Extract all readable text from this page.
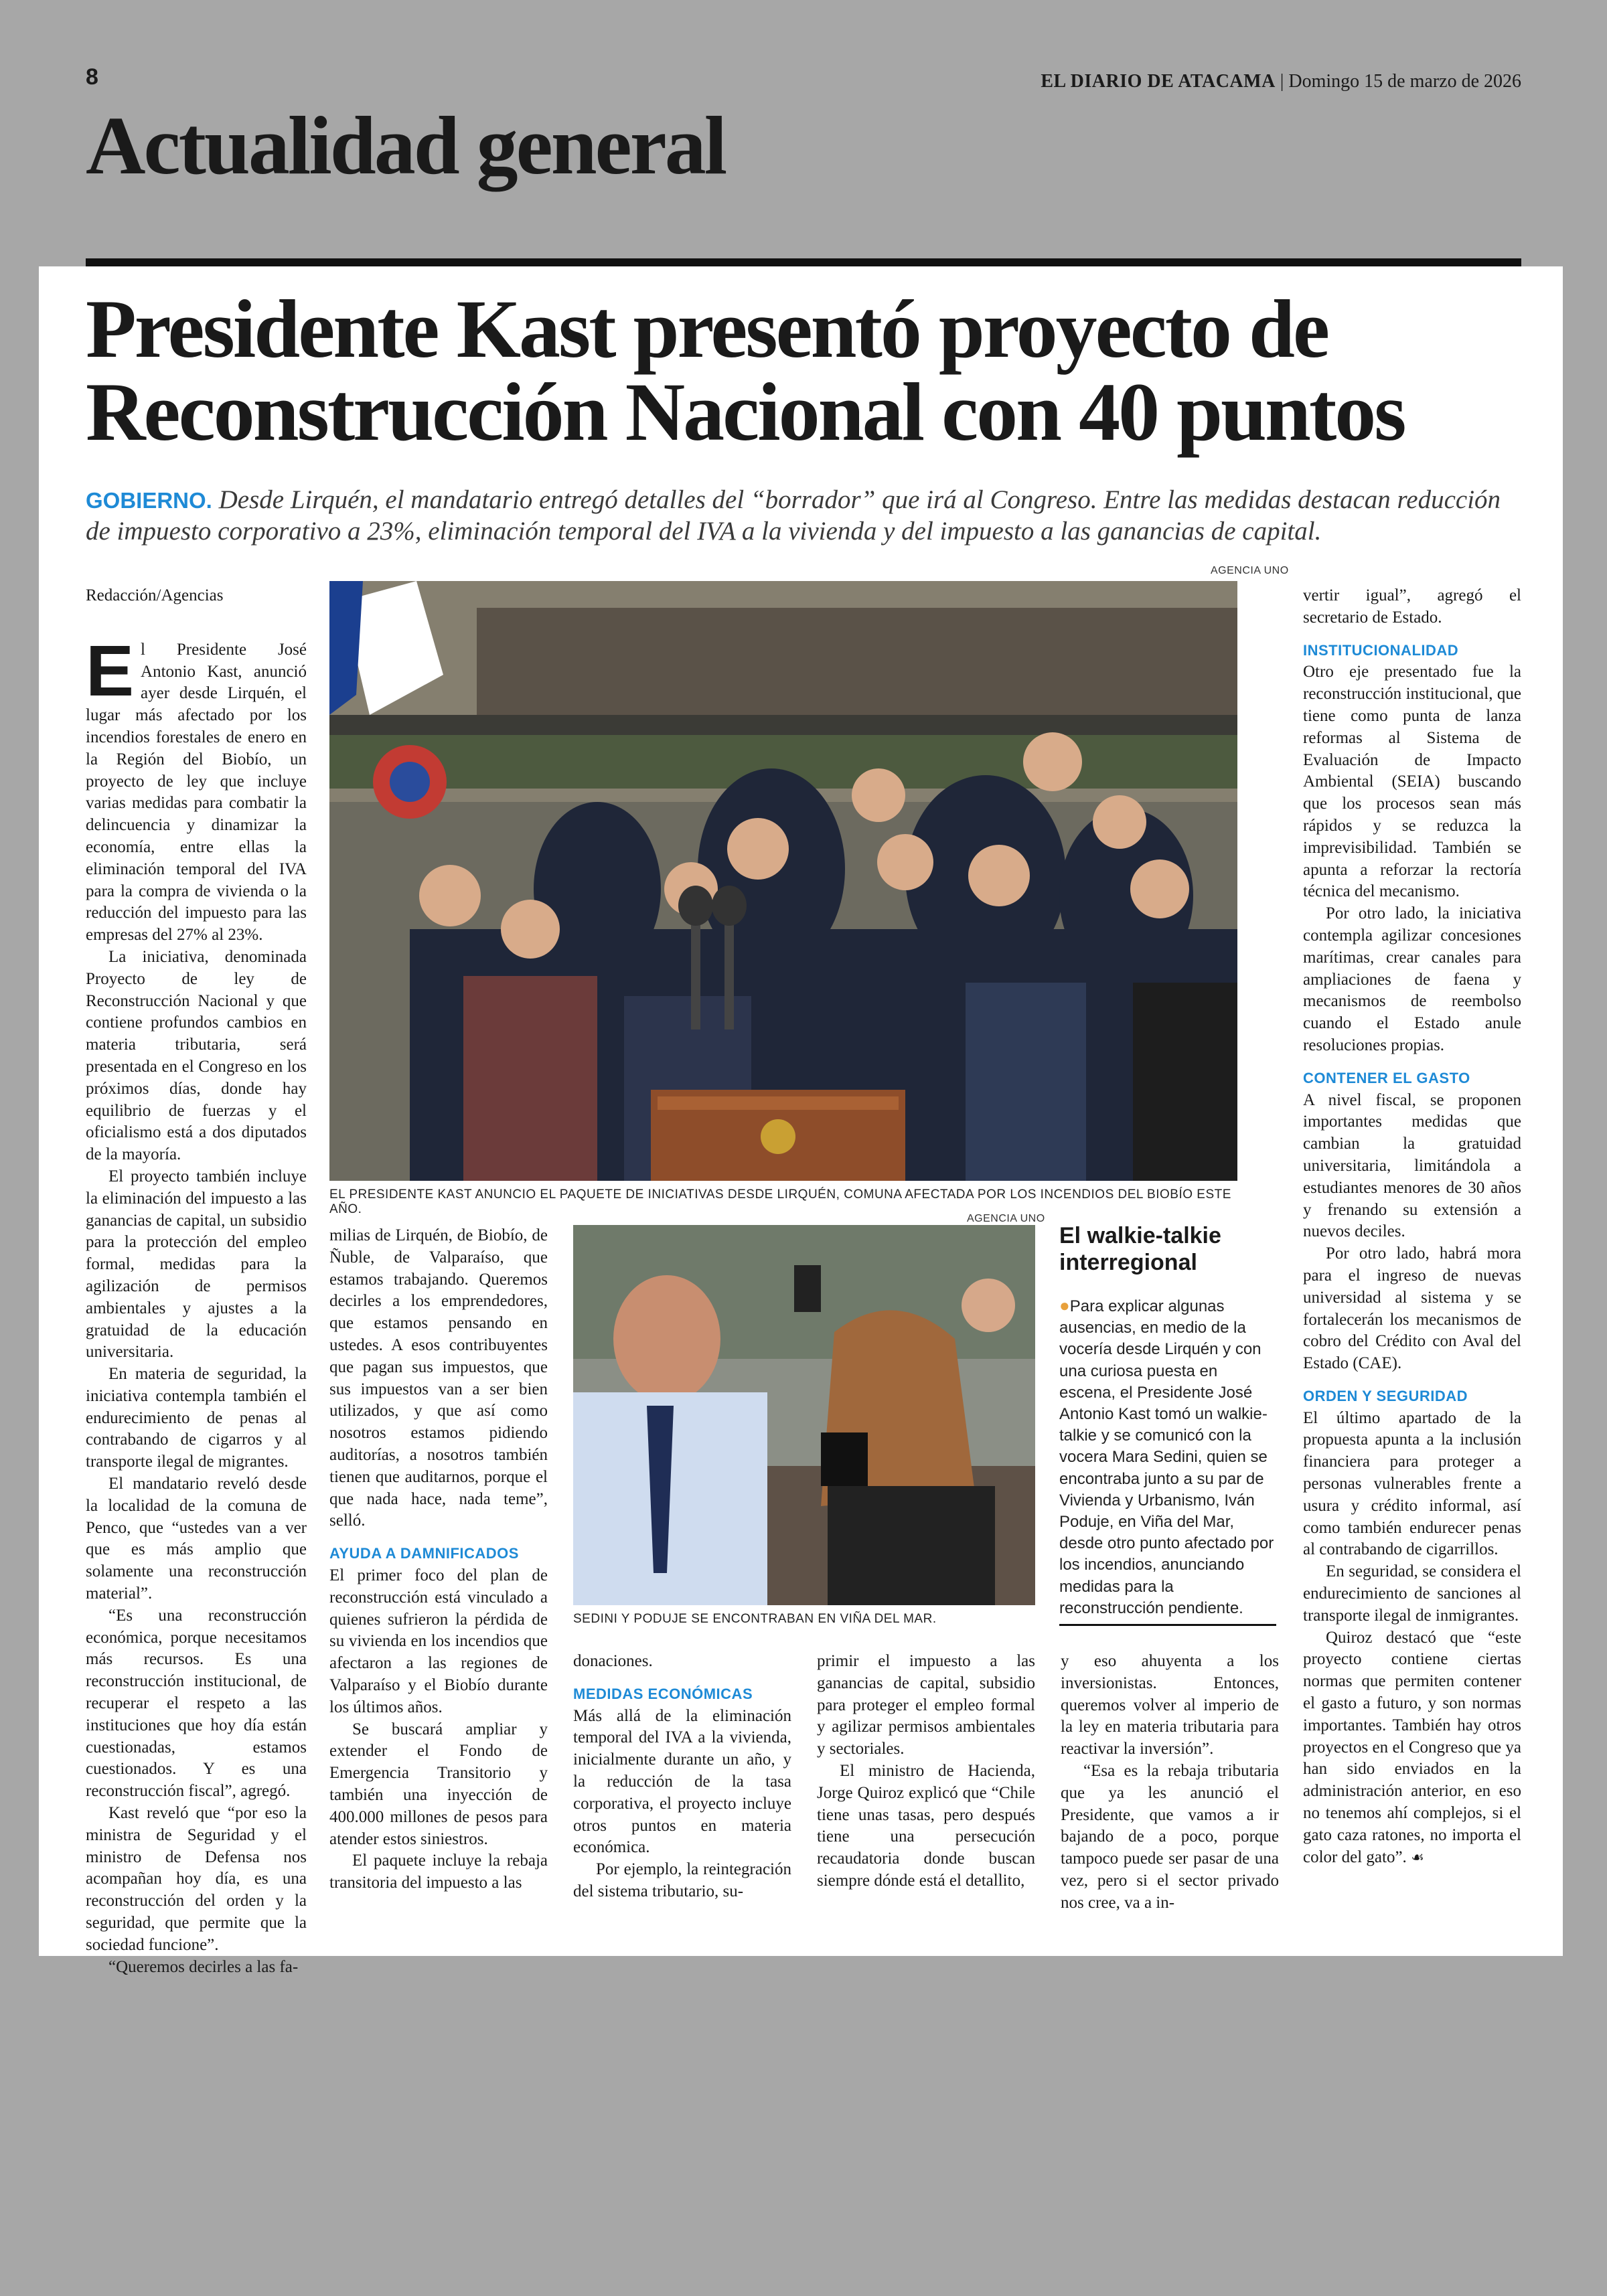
8	EL DIARIO DE ATACAMA | Domingo 15 de marzo de 2026
Actualidad general
Presidente Kast presentó proyecto de
Reconstrucción Nacional con 40 puntos
GOBIERNO. Desde Lirquén, el mandatario entregó detalles del “borrador” que irá al Congreso. Entre las medidas destacan reducción de impuesto corporativo a 23%, eliminación temporal del IVA a la vivienda y del impuesto a las ganancias de capital.
AGENCIA UNO
EL PRESIDENTE KAST ANUNCIO EL PAQUETE DE INICIATIVAS DESDE LIRQUÉN, COMUNA AFECTADA POR LOS INCENDIOS DEL BIOBÍO ESTE AÑO.
AGENCIA UNO
SEDINI Y PODUJE SE ENCONTRABAN EN VIÑA DEL MAR.
El walkie-talkie interregional
●Para explicar algunas ausencias, en medio de la vocería desde Lirquén y con una curiosa puesta en escena, el Presidente José Antonio Kast tomó un walkie-talkie y se comunicó con la vocera Mara Sedini, quien se encontraba junto a su par de Vivienda y Urbanismo, Iván Poduje, en Viña del Mar, desde otro punto afectado por los incendios, anunciando medidas para la reconstrucción pendiente.
Redacción/Agencias

El Presidente José Antonio Kast, anunció ayer desde Lirquén, el lugar más afectado por los incendios forestales de enero en la Región del Biobío, un proyecto de ley que incluye varias medidas para combatir la delincuencia y dinamizar la economía, entre ellas la eliminación temporal del IVA para la compra de vivienda o la reducción del impuesto para las empresas del 27% al 23%.

La iniciativa, denominada Proyecto de ley de Reconstrucción Nacional y que contiene profundos cambios en materia tributaria, será presentada en el Congreso en los próximos días, donde hay equilibrio de fuerzas y el oficialismo está a dos diputados de la mayoría.

El proyecto también incluye la eliminación del impuesto a las ganancias de capital, un subsidio para la protección del empleo formal, medidas para la agilización de permisos ambientales y ajustes a la gratuidad de la educación universitaria.

En materia de seguridad, la iniciativa contempla también el endurecimiento de penas al contrabando de cigarros y al transporte ilegal de migrantes.

El mandatario reveló desde la localidad de la comuna de Penco, que “ustedes van a ver que es más amplio que solamente una reconstrucción material”.

“Es una reconstrucción económica, porque necesitamos más recursos. Es una reconstrucción institucional, de recuperar el respeto a las instituciones que hoy día están cuestionadas, estamos cuestionados. Y es una reconstrucción fiscal”, agregó.

Kast reveló que “por eso la ministra de Seguridad y el ministro de Defensa nos acompañan hoy día, es una reconstrucción del orden y la seguridad, que permite que la sociedad funcione”.

“Queremos decirles a las fa-

milias de Lirquén, de Biobío, de Ñuble, de Valparaíso, que estamos trabajando. Queremos decirles a los emprendedores, que estamos pensando en ustedes. A esos contribuyentes que pagan sus impuestos, que sus impuestos van a ser bien utilizados, y que así como nosotros estamos pidiendo auditorías, a nosotros también tienen que auditarnos, porque el que nada hace, nada teme”, selló.

AYUDA A DAMNIFICADOS

El primer foco del plan de reconstrucción está vinculado a quienes sufrieron la pérdida de su vivienda en los incendios que afectaron a las regiones de Valparaíso y el Biobío durante los últimos años.

Se buscará ampliar y extender el Fondo de Emergencia Transitorio y también una inyección de 400.000 millones de pesos para atender estos siniestros.

El paquete incluye la rebaja transitoria del impuesto a las

donaciones.

MEDIDAS ECONÓMICAS

Más allá de la eliminación temporal del IVA a la vivienda, inicialmente durante un año, y la reducción de la tasa corporativa, el proyecto incluye otros puntos en materia económica.

Por ejemplo, la reintegración del sistema tributario, su-

primir el impuesto a las ganancias de capital, subsidio para proteger el empleo formal y agilizar permisos ambientales y sectoriales.

El ministro de Hacienda, Jorge Quiroz explicó que “Chile tiene unas tasas, pero después tiene una persecución recaudatoria donde buscan siempre dónde está el detallito,

y eso ahuyenta a los inversionistas. Entonces, queremos volver al imperio de la ley en materia tributaria para reactivar la inversión”.

“Esa es la rebaja tributaria que ya les anunció el Presidente, que vamos a ir bajando de a poco, porque tampoco puede ser pasar de una vez, pero si el sector privado nos cree, va a in-

vertir igual”, agregó el secretario de Estado.

INSTITUCIONALIDAD

Otro eje presentado fue la reconstrucción institucional, que tiene como punta de lanza reformas al Sistema de Evaluación de Impacto Ambiental (SEIA) buscando que los procesos sean más rápidos y se reduzca la imprevisibilidad. También se apunta a reforzar la rectoría técnica del mecanismo.

Por otro lado, la iniciativa contempla agilizar concesiones marítimas, crear canales para ampliaciones de faena y mecanismos de reembolso cuando el Estado anule resoluciones propias.

CONTENER EL GASTO

A nivel fiscal, se proponen importantes medidas que cambian la gratuidad universitaria, limitándola a estudiantes menores de 30 años y frenando su extensión a nuevos deciles.

Por otro lado, habrá mora para el ingreso de nuevas universidad al sistema y se fortalecerán los mecanismos de cobro del Crédito con Aval del Estado (CAE).

ORDEN Y SEGURIDAD

El último apartado de la propuesta apunta a la inclusión financiera para proteger a personas vulnerables frente a usura y crédito informal, así como también endurecer penas al contrabando de cigarrillos.

En seguridad, se considera el endurecimiento de sanciones al transporte ilegal de inmigrantes.

Quiroz destacó que “este proyecto contiene ciertas normas que permiten contener el gasto a futuro, y son normas importantes. También hay otros proyectos en el Congreso que ya han sido enviados en la administración anterior, en eso no tenemos ahí complejos, si el gato caza ratones, no importa el color del gato”. ☙
